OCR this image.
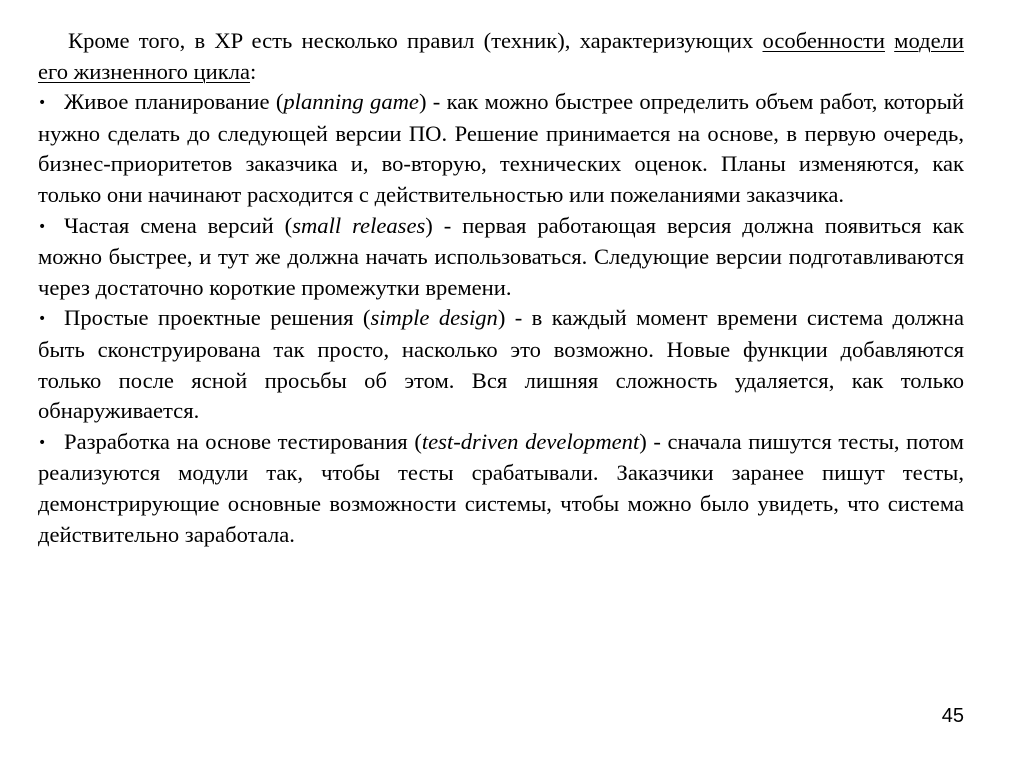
Кроме того, в XP есть несколько правил (техник), характеризующих особенности модели его жизненного цикла:

• Живое планирование (planning game) - как можно быстрее определить объем работ, который нужно сделать до следующей версии ПО. Решение принимается на основе, в первую очередь, бизнес-приоритетов заказчика и, во-вторую, технических оценок. Планы изменяются, как только они начинают расходится с действительностью или пожеланиями заказчика.

• Частая смена версий (small releases) - первая работающая версия должна появиться как можно быстрее, и тут же должна начать использоваться. Следующие версии подготавливаются через достаточно короткие промежутки времени.

• Простые проектные решения (simple design) - в каждый момент времени система должна быть сконструирована так просто, насколько это возможно. Новые функции добавляются только после ясной просьбы об этом. Вся лишняя сложность удаляется, как только обнаруживается.

• Разработка на основе тестирования (test-driven development) - сначала пишутся тесты, потом реализуются модули так, чтобы тесты срабатывали. Заказчики заранее пишут тесты, демонстрирующие основные возможности системы, чтобы можно было увидеть, что система действительно заработала.

45
